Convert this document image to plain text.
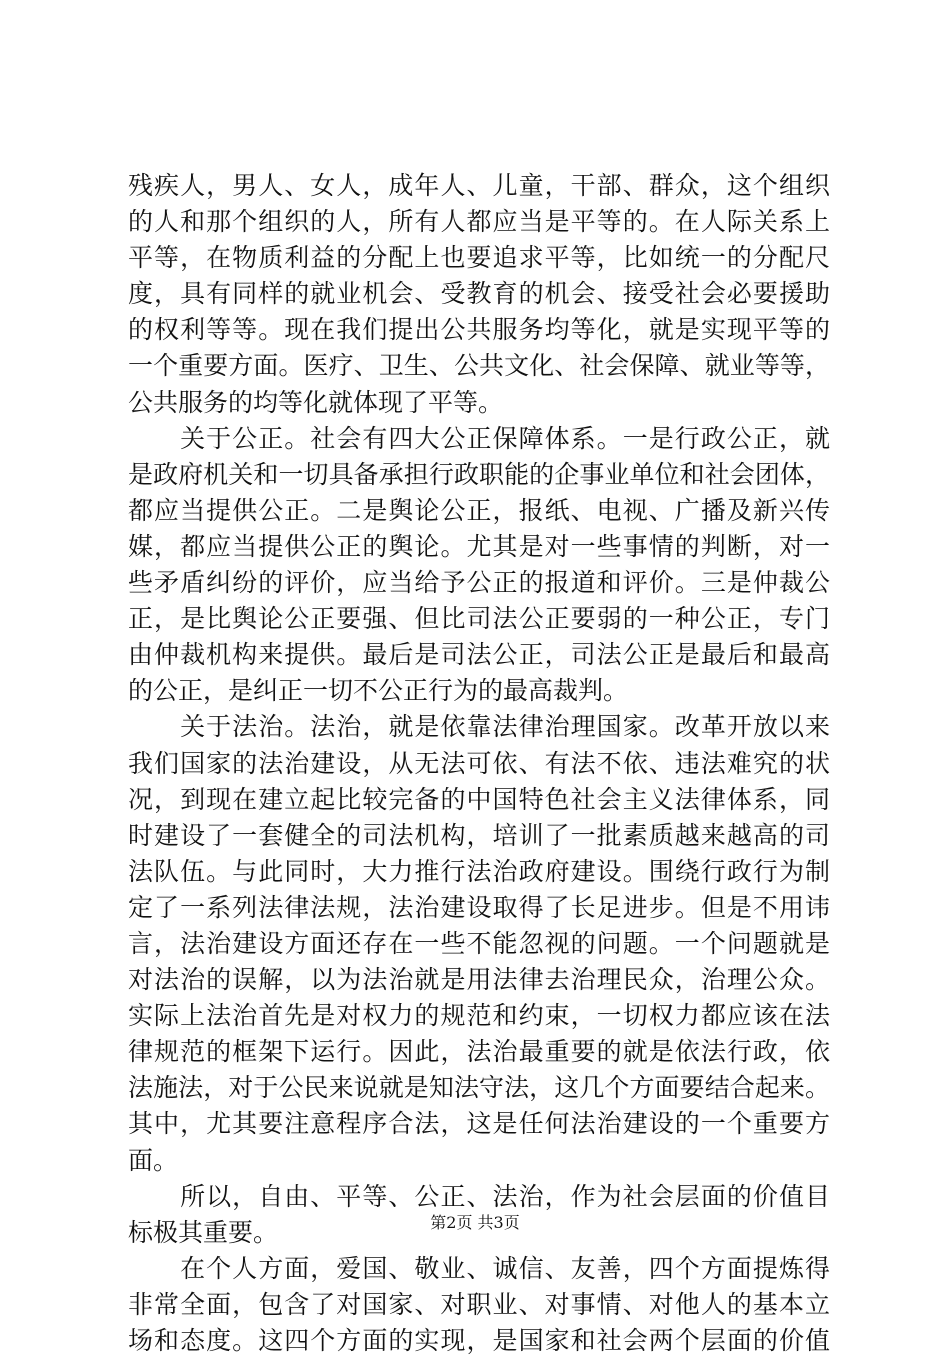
残疾人，男人、女人，成年人、儿童，干部、群众，这个组织
的人和那个组织的人，所有人都应当是平等的。在人际关系上
平等，在物质利益的分配上也要追求平等，比如统一的分配尺
度，具有同样的就业机会、受教育的机会、接受社会必要援助
的权利等等。现在我们提出公共服务均等化，就是实现平等的
一个重要方面。医疗、卫生、公共文化、社会保障、就业等等，
公共服务的均等化就体现了平等。
　　关于公正。社会有四大公正保障体系。一是行政公正，就
是政府机关和一切具备承担行政职能的企事业单位和社会团体，
都应当提供公正。二是舆论公正，报纸、电视、广播及新兴传
媒，都应当提供公正的舆论。尤其是对一些事情的判断，对一
些矛盾纠纷的评价，应当给予公正的报道和评价。三是仲裁公
正，是比舆论公正要强、但比司法公正要弱的一种公正，专门
由仲裁机构来提供。最后是司法公正，司法公正是最后和最高
的公正，是纠正一切不公正行为的最高裁判。
　　关于法治。法治，就是依靠法律治理国家。改革开放以来
我们国家的法治建设，从无法可依、有法不依、违法难究的状
况，到现在建立起比较完备的中国特色社会主义法律体系，同
时建设了一套健全的司法机构，培训了一批素质越来越高的司
法队伍。与此同时，大力推行法治政府建设。围绕行政行为制
定了一系列法律法规，法治建设取得了长足进步。但是不用讳
言，法治建设方面还存在一些不能忽视的问题。一个问题就是
对法治的误解，以为法治就是用法律去治理民众，治理公众。
实际上法治首先是对权力的规范和约束，一切权力都应该在法
律规范的框架下运行。因此，法治最重要的就是依法行政，依
法施法，对于公民来说就是知法守法，这几个方面要结合起来。
其中，尤其要注意程序合法，这是任何法治建设的一个重要方
面。
　　所以，自由、平等、公正、法治，作为社会层面的价值目
标极其重要。
　　在个人方面，爱国、敬业、诚信、友善，四个方面提炼得
非常全面，包含了对国家、对职业、对事情、对他人的基本立
场和态度。这四个方面的实现，是国家和社会两个层面的价值
第2页 共3页
